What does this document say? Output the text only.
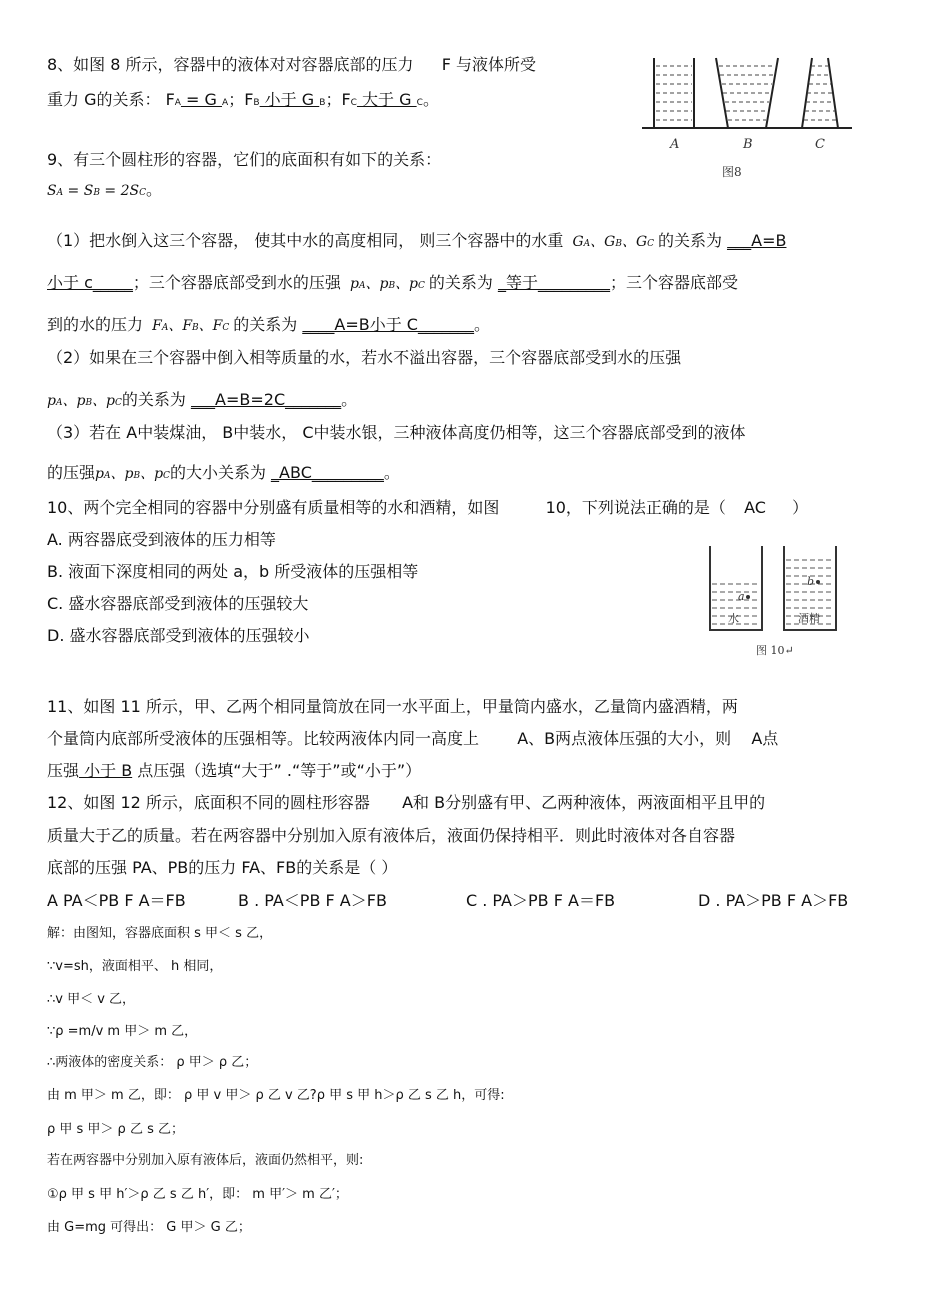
8、如图 8 所示，容器中的液体对对容器底部的压力 F 与液体所受
重力 G的关系： FA = G A；FB 小于 G B；FC 大于 G C。
A	B	C
图8
9、有三个圆柱形的容器，它们的底面积有如下的关系：
SA = SB = 2SC。
（1）把水倒入这三个容器， 使其中水的高度相同， 则三个容器中的水重 GA、GB、GC 的关系为 ___A=B
小于 c_____；三个容器底部受到水的压强 pA、pB、pC 的关系为 _等于_________；三个容器底部受
到的水的压力 FA、FB、FC 的关系为 ____A=B小于 C_______。
（2）如果在三个容器中倒入相等质量的水，若水不溢出容器，三个容器底部受到水的压强
pA、pB、pC的关系为 ___A=B=2C_______。
（3）若在 A中装煤油， B中装水， C中装水银，三种液体高度仍相等，这三个容器底部受到的液体
的压强pA、pB、pC的大小关系为 _ABC_________。
10、两个完全相同的容器中分别盛有质量相等的水和酒精，如图	10，下列说法正确的是（ AC ）
A. 两容器底受到液体的压力相等
B. 液面下深度相同的两处 a，b 所受液体的压强相等
C. 盛水容器底部受到液体的压强较大
D. 盛水容器底部受到液体的压强较小
a
水
b
酒精
图 10↵
11、如图 11 所示，甲、乙两个相同量筒放在同一水平面上，甲量筒内盛水，乙量筒内盛酒精，两
个量筒内底部所受液体的压强相等。比较两液体内同一高度上 A、B两点液体压强的大小，则 A点
压强 小于 B 点压强（选填“大于” .“等于”或“小于”）
12、如图 12 所示，底面积不同的圆柱形容器 A和 B分别盛有甲、乙两种液体，两液面相平且甲的
质量大于乙的质量。若在两容器中分别加入原有液体后，液面仍保持相平．则此时液体对各自容器
底部的压强 PA、PB的压力 FA、FB的关系是（ ）
A PA＜PB F A＝FB	B . PA＜PB F A＞FB	C . PA＞PB F A＝FB	D . PA＞PB F A＞FB
解：由图知，容器底面积 s 甲＜ s 乙，
∵v=sh，液面相平、 h 相同，
∴v 甲＜ v 乙，
∵ρ =m/v m 甲＞ m 乙，
∴两液体的密度关系： ρ 甲＞ ρ 乙；
由 m 甲＞ m 乙，即： ρ 甲 v 甲＞ ρ 乙 v 乙?ρ 甲 s 甲 h＞ρ 乙 s 乙 h，可得:
ρ 甲 s 甲＞ ρ 乙 s 乙；
若在两容器中分别加入原有液体后，液面仍然相平，则:
①ρ 甲 s 甲 h′＞ρ 乙 s 乙 h′，即： m 甲′＞ m 乙′；
由 G=mg 可得出： G 甲＞ G 乙；
